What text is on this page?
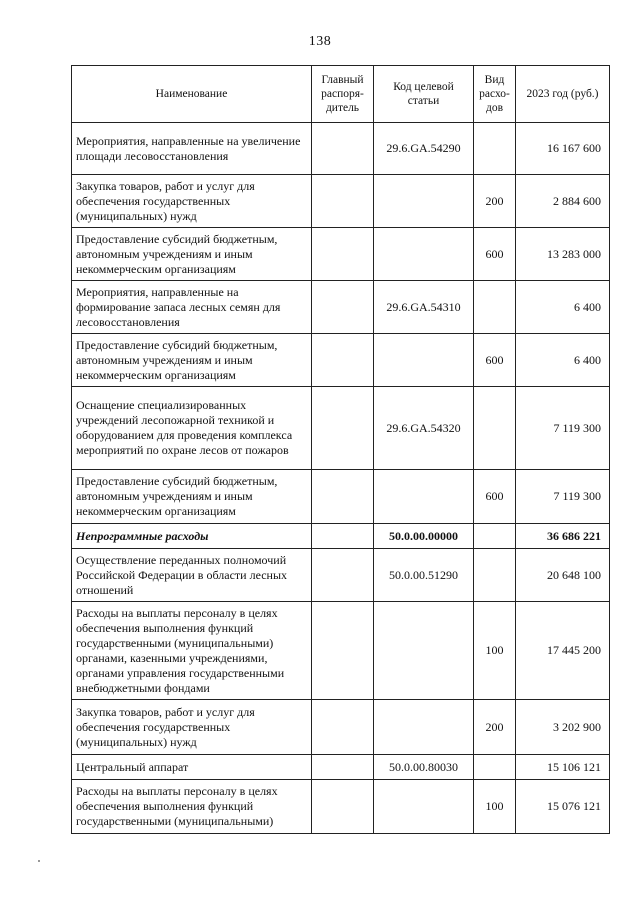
138
Наименование	Главный распоря-дитель	Код целевой статьи	Вид расхо-дов	2023 год (руб.)
Мероприятия, направленные на увеличение площади лесовосстановления		29.6.GA.54290		16 167 600
Закупка товаров, работ и услуг для обеспечения государственных (муниципальных) нужд			200	2 884 600
Предоставление субсидий бюджетным, автономным учреждениям и иным некоммерческим организациям			600	13 283 000
Мероприятия, направленные на формирование запаса лесных семян для лесовосстановления		29.6.GA.54310		6 400
Предоставление субсидий бюджетным, автономным учреждениям и иным некоммерческим организациям			600	6 400
Оснащение специализированных учреждений лесопожарной техникой и оборудованием для проведения комплекса мероприятий по охране лесов от пожаров		29.6.GA.54320		7 119 300
Предоставление субсидий бюджетным, автономным учреждениям и иным некоммерческим организациям			600	7 119 300
Непрограммные расходы		50.0.00.00000		36 686 221
Осуществление переданных полномочий Российской Федерации в области лесных отношений		50.0.00.51290		20 648 100
Расходы на выплаты персоналу в целях обеспечения выполнения функций государственными (муниципальными) органами, казенными учреждениями, органами управления государственными внебюджетными фондами			100	17 445 200
Закупка товаров, работ и услуг для обеспечения государственных (муниципальных) нужд			200	3 202 900
Центральный аппарат		50.0.00.80030		15 106 121
Расходы на выплаты персоналу в целях обеспечения выполнения функций государственными (муниципальными)			100	15 076 121
